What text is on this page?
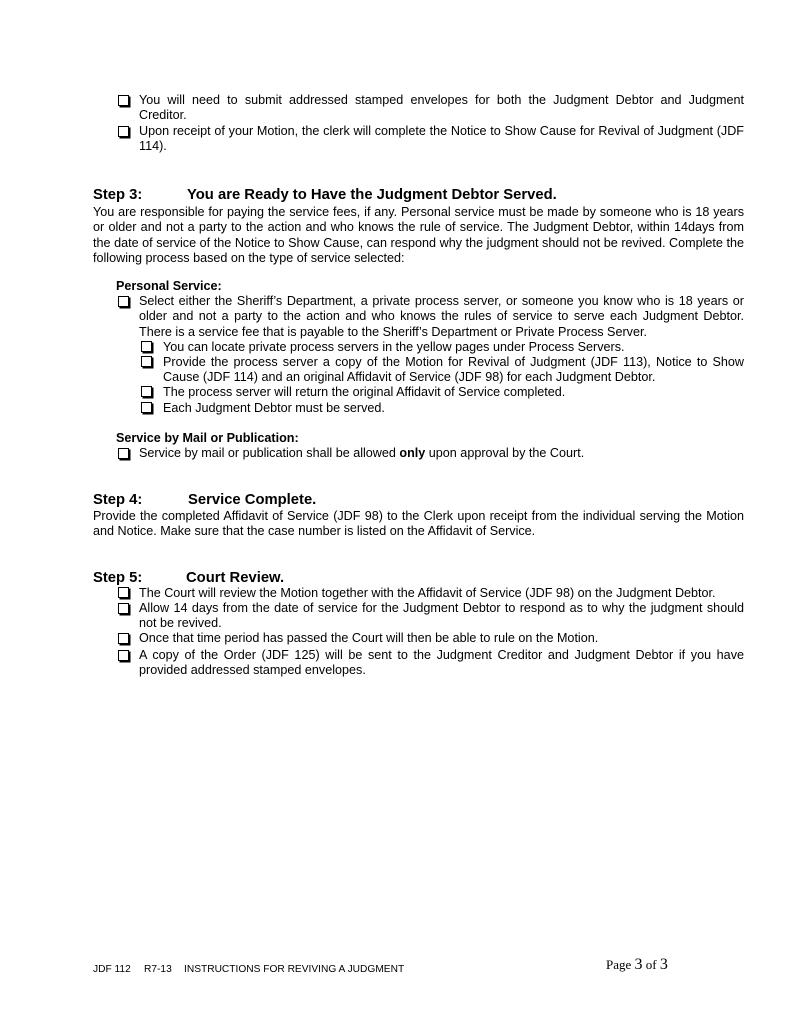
You will need to submit addressed stamped envelopes for both the Judgment Debtor and Judgment Creditor.
Upon receipt of your Motion, the clerk will complete the Notice to Show Cause for Revival of Judgment (JDF 114).
Step 3:	You are Ready to Have the Judgment Debtor Served.
You are responsible for paying the service fees, if any. Personal service must be made by someone who is 18 years or older and not a party to the action and who knows the rule of service. The Judgment Debtor, within 14days from the date of service of the Notice to Show Cause, can respond why the judgment should not be revived. Complete the following process based on the type of service selected:
Personal Service:
Select either the Sheriff’s Department, a private process server, or someone you know who is 18 years or older and not a party to the action and who knows the rules of service to serve each Judgment Debtor. There is a service fee that is payable to the Sheriff’s Department or Private Process Server.
You can locate private process servers in the yellow pages under Process Servers.
Provide the process server a copy of the Motion for Revival of Judgment (JDF 113), Notice to Show Cause (JDF 114) and an original Affidavit of Service (JDF 98) for each Judgment Debtor.
The process server will return the original Affidavit of Service completed.
Each Judgment Debtor must be served.
Service by Mail or Publication:
Service by mail or publication shall be allowed only upon approval by the Court.
Step 4:	Service Complete.
Provide the completed Affidavit of Service (JDF 98) to the Clerk upon receipt from the individual serving the Motion and Notice. Make sure that the case number is listed on the Affidavit of Service.
Step 5:	Court Review.
The Court will review the Motion together with the Affidavit of Service (JDF 98) on the Judgment Debtor.
Allow 14 days from the date of service for the Judgment Debtor to respond as to why the judgment should not be revived.
Once that time period has passed the Court will then be able to rule on the Motion.
A copy of the Order (JDF 125) will be sent to the Judgment Creditor and Judgment Debtor if you have provided addressed stamped envelopes.
JDF 112 R7-13 INSTRUCTIONS FOR REVIVING A JUDGMENT	Page 3 of 3
